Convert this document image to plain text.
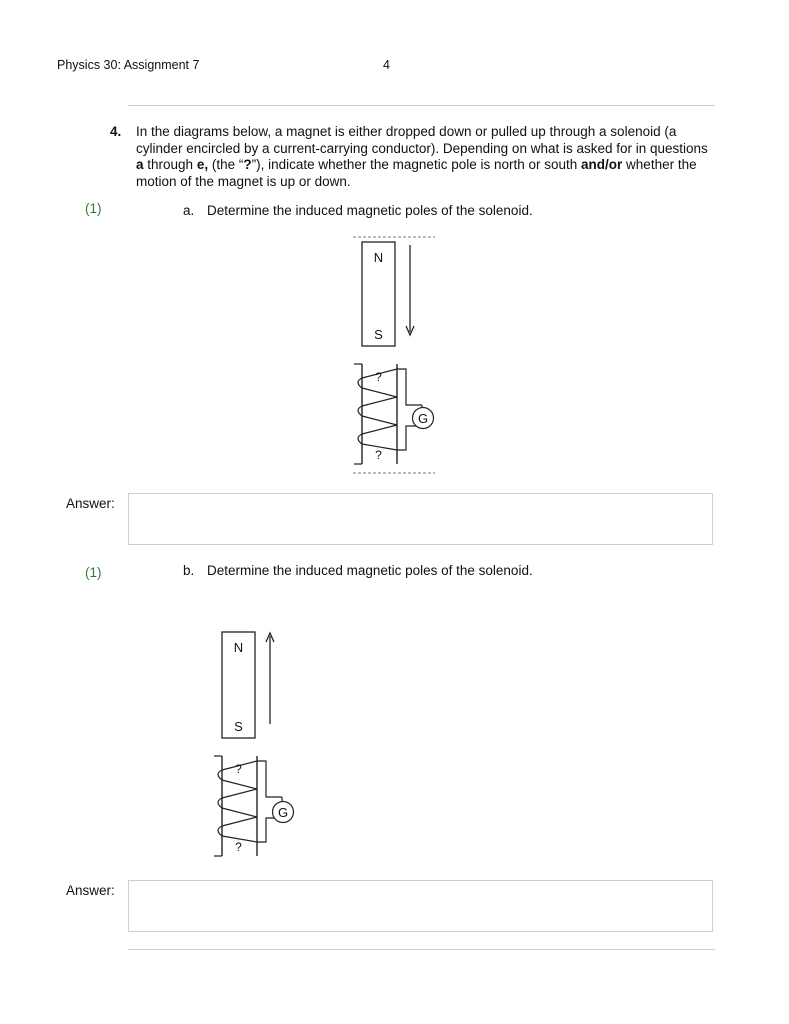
Physics 30: Assignment 7	4
4. In the diagrams below, a magnet is either dropped down or pulled up through a solenoid (a cylinder encircled by a current-carrying conductor). Depending on what is asked for in questions a through e, (the “?”), indicate whether the magnetic pole is north or south and/or whether the motion of the magnet is up or down.
(1)	a. Determine the induced magnetic poles of the solenoid.
N
S
?
?
G
Answer:
(1)	b. Determine the induced magnetic poles of the solenoid.
N
S
?
?
G
Answer:
